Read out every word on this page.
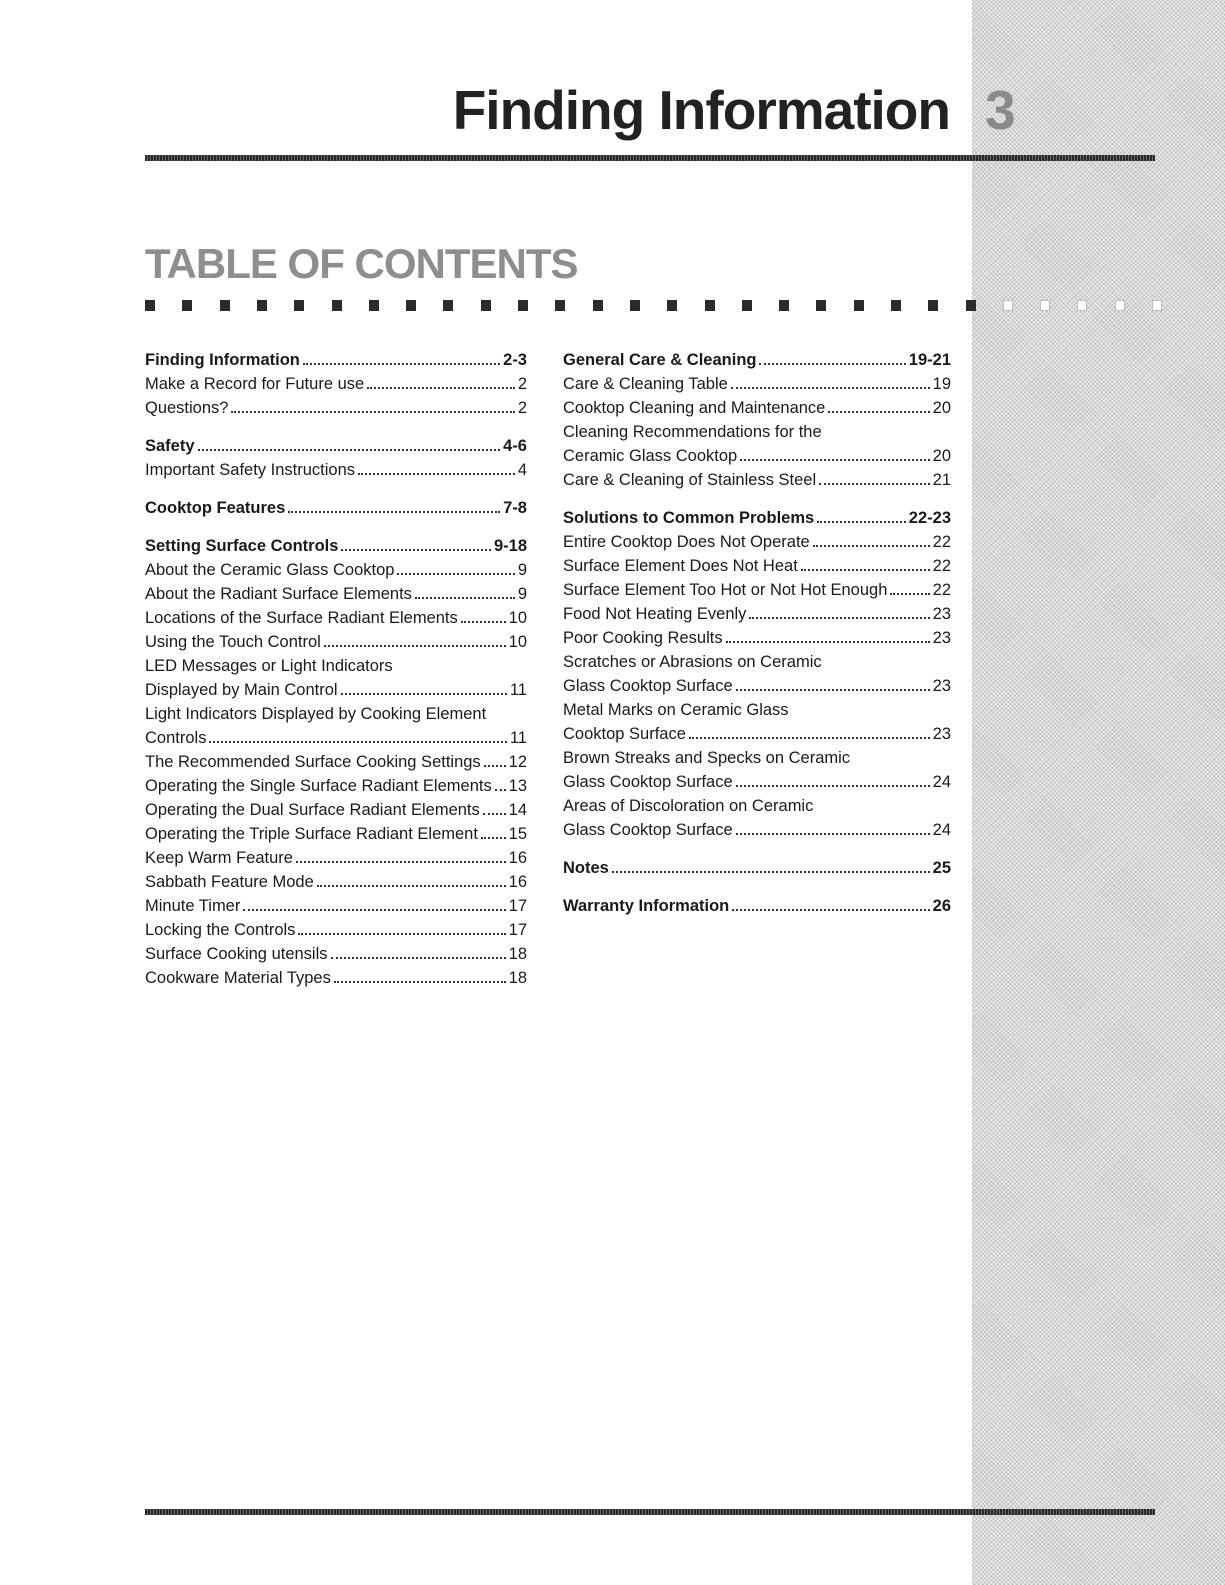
Finding Information 3
TABLE OF CONTENTS
Finding Information	2-3
Make a Record for Future use	2
Questions?	2
Safety	4-6
Important Safety Instructions	4
Cooktop Features	7-8
Setting Surface Controls	9-18
About the Ceramic Glass Cooktop	9
About the Radiant Surface Elements	9
Locations of the Surface Radiant Elements	10
Using the Touch Control	10
LED Messages or Light Indicators
Displayed by Main Control	11
Light Indicators Displayed by Cooking Element
Controls	11
The Recommended Surface Cooking Settings 12
Operating the Single Surface Radiant Elements 13
Operating the Dual Surface Radiant Elements 14
Operating the Triple Surface Radiant Element 15
Keep Warm Feature	16
Sabbath Feature Mode	16
Minute Timer	17
Locking the Controls	17
Surface Cooking utensils	18
Cookware Material Types	18
General Care & Cleaning	19-21
Care & Cleaning Table	19
Cooktop Cleaning and Maintenance	20
Cleaning Recommendations for the
Ceramic Glass Cooktop	20
Care & Cleaning of Stainless Steel	21
Solutions to Common Problems	22-23
Entire Cooktop Does Not Operate	22
Surface Element Does Not Heat	22
Surface Element Too Hot or Not Hot Enough	22
Food Not Heating Evenly	23
Poor Cooking Results	23
Scratches or Abrasions on Ceramic
Glass Cooktop Surface	23
Metal Marks on Ceramic Glass
Cooktop Surface	23
Brown Streaks and Specks on Ceramic
Glass Cooktop Surface	24
Areas of Discoloration on Ceramic
Glass Cooktop Surface	24
Notes	25
Warranty Information	26
